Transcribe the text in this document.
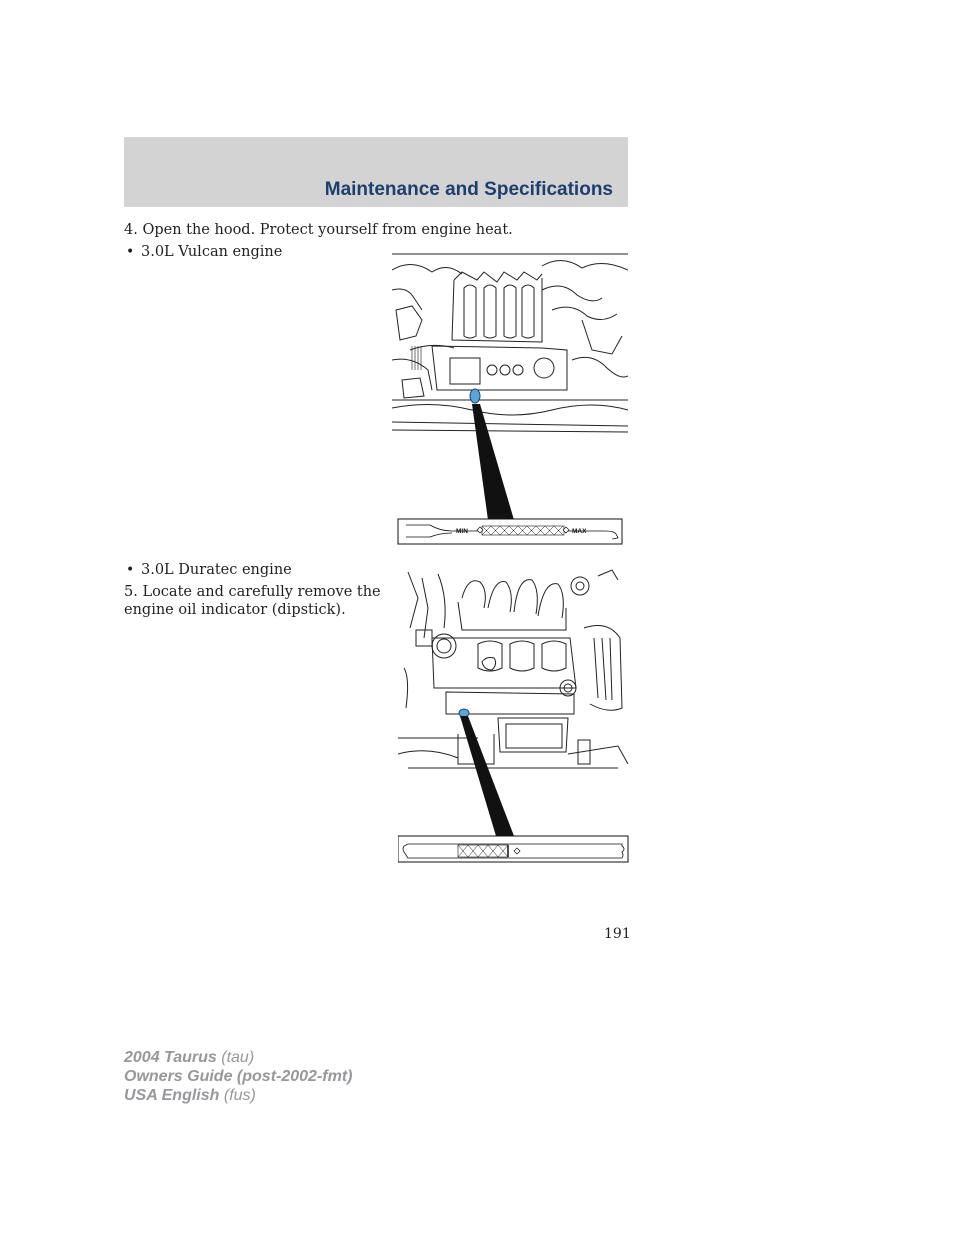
Maintenance and Specifications
4. Open the hood. Protect yourself from engine heat.
• 3.0L Vulcan engine
MIN	MAX
• 3.0L Duratec engine
5. Locate and carefully remove the
engine oil indicator (dipstick).
191
2004 Taurus (tau)
Owners Guide (post-2002-fmt)
USA English (fus)
